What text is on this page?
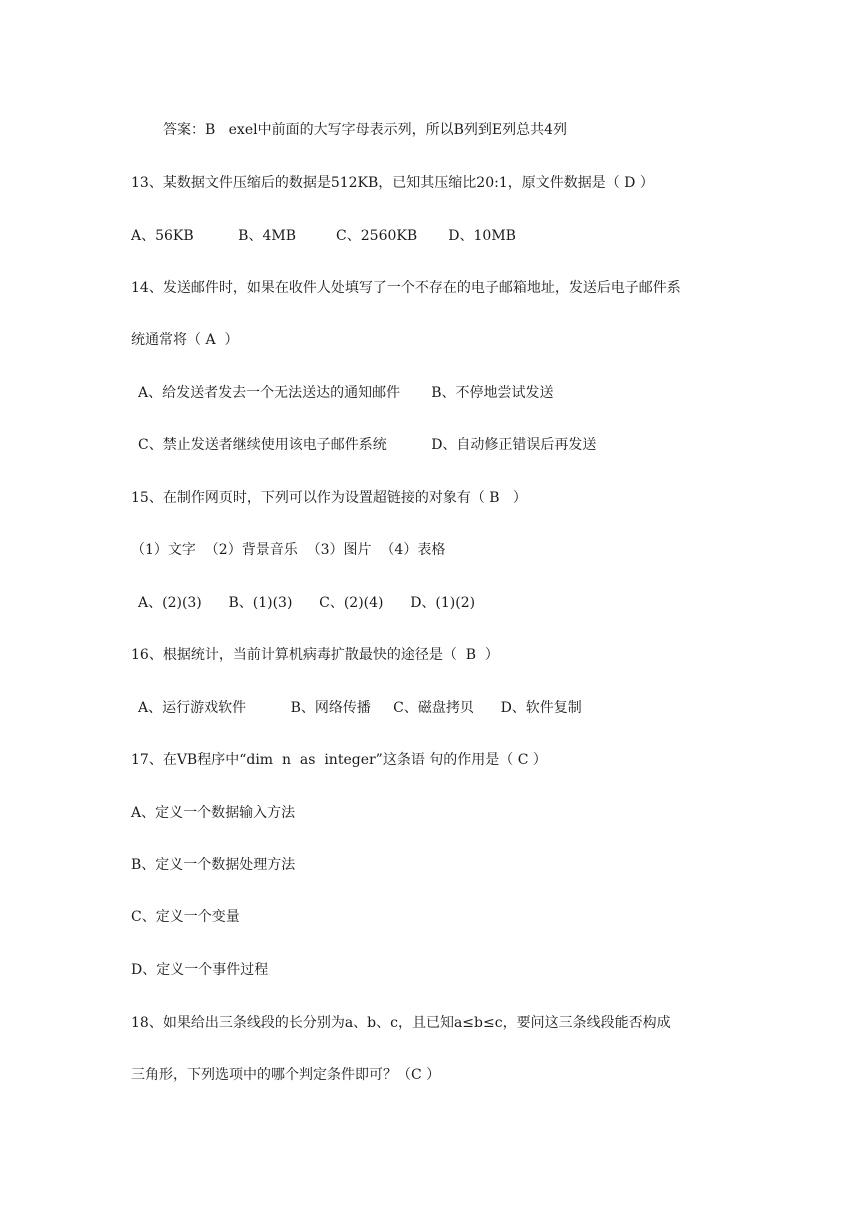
答案：B   exel中前面的大写字母表示列，所以B列到E列总共4列
13、某数据文件压缩后的数据是512KB，已知其压缩比20:1，原文件数据是（ D ）
A、56KB          B、4MB         C、2560KB       D、10MB
14、发送邮件时，如果在收件人处填写了一个不存在的电子邮箱地址，发送后电子邮件系
统通常将（ A  ）
A、给发送者发去一个无法送达的通知邮件       B、不停地尝试发送
C、禁止发送者继续使用该电子邮件系统          D、自动修正错误后再发送
15、在制作网页时，下列可以作为设置超链接的对象有（ B   ）
（1）文字  （2）背景音乐  （3）图片  （4）表格
A、(2)(3)      B、(1)(3)      C、(2)(4)      D、(1)(2)
16、根据统计，当前计算机病毒扩散最快的途径是（  B  ）
A、运行游戏软件          B、网络传播     C、磁盘拷贝      D、软件复制
17、在VB程序中“dim  n  as  integer”这条语 句的作用是（ C ）
A、定义一个数据输入方法
B、定义一个数据处理方法
C、定义一个变量
D、定义一个事件过程
18、如果给出三条线段的长分别为a、b、c，且已知a≤b≤c，要问这三条线段能否构成
三角形，下列选项中的哪个判定条件即可？（C ）
